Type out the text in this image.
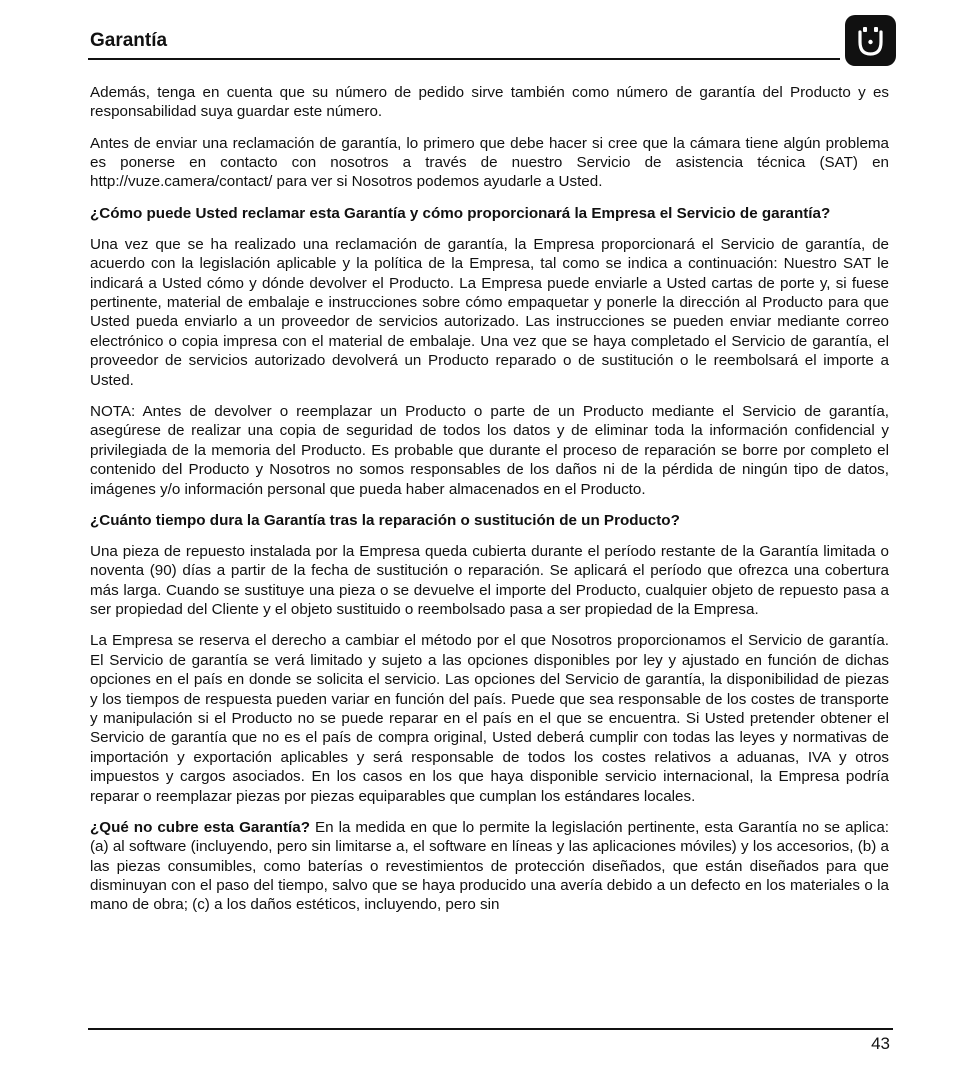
Garantía

Además, tenga en cuenta que su número de pedido sirve también como número de garantía del Producto y es responsabilidad suya guardar este número.

Antes de enviar una reclamación de garantía, lo primero que debe hacer si cree que la cámara tiene algún problema es ponerse en contacto con nosotros a través de nuestro Servicio de asistencia técnica (SAT) en http://vuze.camera/contact/ para ver si Nosotros podemos ayudarle a Usted.

¿Cómo puede Usted reclamar esta Garantía y cómo proporcionará la Empresa el Servicio de garantía?

Una vez que se ha realizado una reclamación de garantía, la Empresa proporcionará el Servicio de garantía, de acuerdo con la legislación aplicable y la política de la Empresa, tal como se indica a continuación: Nuestro SAT le indicará a Usted cómo y dónde devolver el Producto. La Empresa puede enviarle a Usted cartas de porte y, si fuese pertinente, material de embalaje e instrucciones sobre cómo empaquetar y ponerle la dirección al Producto para que Usted pueda enviarlo a un proveedor de servicios autorizado. Las instrucciones se pueden enviar mediante correo electrónico o copia impresa con el material de embalaje. Una vez que se haya completado el Servicio de garantía, el proveedor de servicios autorizado devolverá un Producto reparado o de sustitución o le reembolsará el importe a Usted.

NOTA: Antes de devolver o reemplazar un Producto o parte de un Producto mediante el Servicio de garantía, asegúrese de realizar una copia de seguridad de todos los datos y de eliminar toda la información confidencial y privilegiada de la memoria del Producto. Es probable que durante el proceso de reparación se borre por completo el contenido del Producto y Nosotros no somos responsables de los daños ni de la pérdida de ningún tipo de datos, imágenes y/o información personal que pueda haber almacenados en el Producto.

¿Cuánto tiempo dura la Garantía tras la reparación o sustitución de un Producto?

Una pieza de repuesto instalada por la Empresa queda cubierta durante el período restante de la Garantía limitada o noventa (90) días a partir de la fecha de sustitución o reparación. Se aplicará el período que ofrezca una cobertura más larga. Cuando se sustituye una pieza o se devuelve el importe del Producto, cualquier objeto de repuesto pasa a ser propiedad del Cliente y el objeto sustituido o reembolsado pasa a ser propiedad de la Empresa.

La Empresa se reserva el derecho a cambiar el método por el que Nosotros proporcionamos el Servicio de garantía. El Servicio de garantía se verá limitado y sujeto a las opciones disponibles por ley y ajustado en función de dichas opciones en el país en donde se solicita el servicio. Las opciones del Servicio de garantía, la disponibilidad de piezas y los tiempos de respuesta pueden variar en función del país. Puede que sea responsable de los costes de transporte y manipulación si el Producto no se puede reparar en el país en el que se encuentra. Si Usted pretender obtener el Servicio de garantía que no es el país de compra original, Usted deberá cumplir con todas las leyes y normativas de importación y exportación aplicables y será responsable de todos los costes relativos a aduanas, IVA y otros impuestos y cargos asociados. En los casos en los que haya disponible servicio internacional, la Empresa podría reparar o reemplazar piezas por piezas equiparables que cumplan los estándares locales.

¿Qué no cubre esta Garantía? En la medida en que lo permite la legislación pertinente, esta Garantía no se aplica: (a) al software (incluyendo, pero sin limitarse a, el software en líneas y las aplicaciones móviles) y los accesorios, (b) a las piezas consumibles, como baterías o revestimientos de protección diseñados, que están diseñados para que disminuyan con el paso del tiempo, salvo que se haya producido una avería debido a un defecto en los materiales o la mano de obra; (c) a los daños estéticos, incluyendo, pero sin

43
